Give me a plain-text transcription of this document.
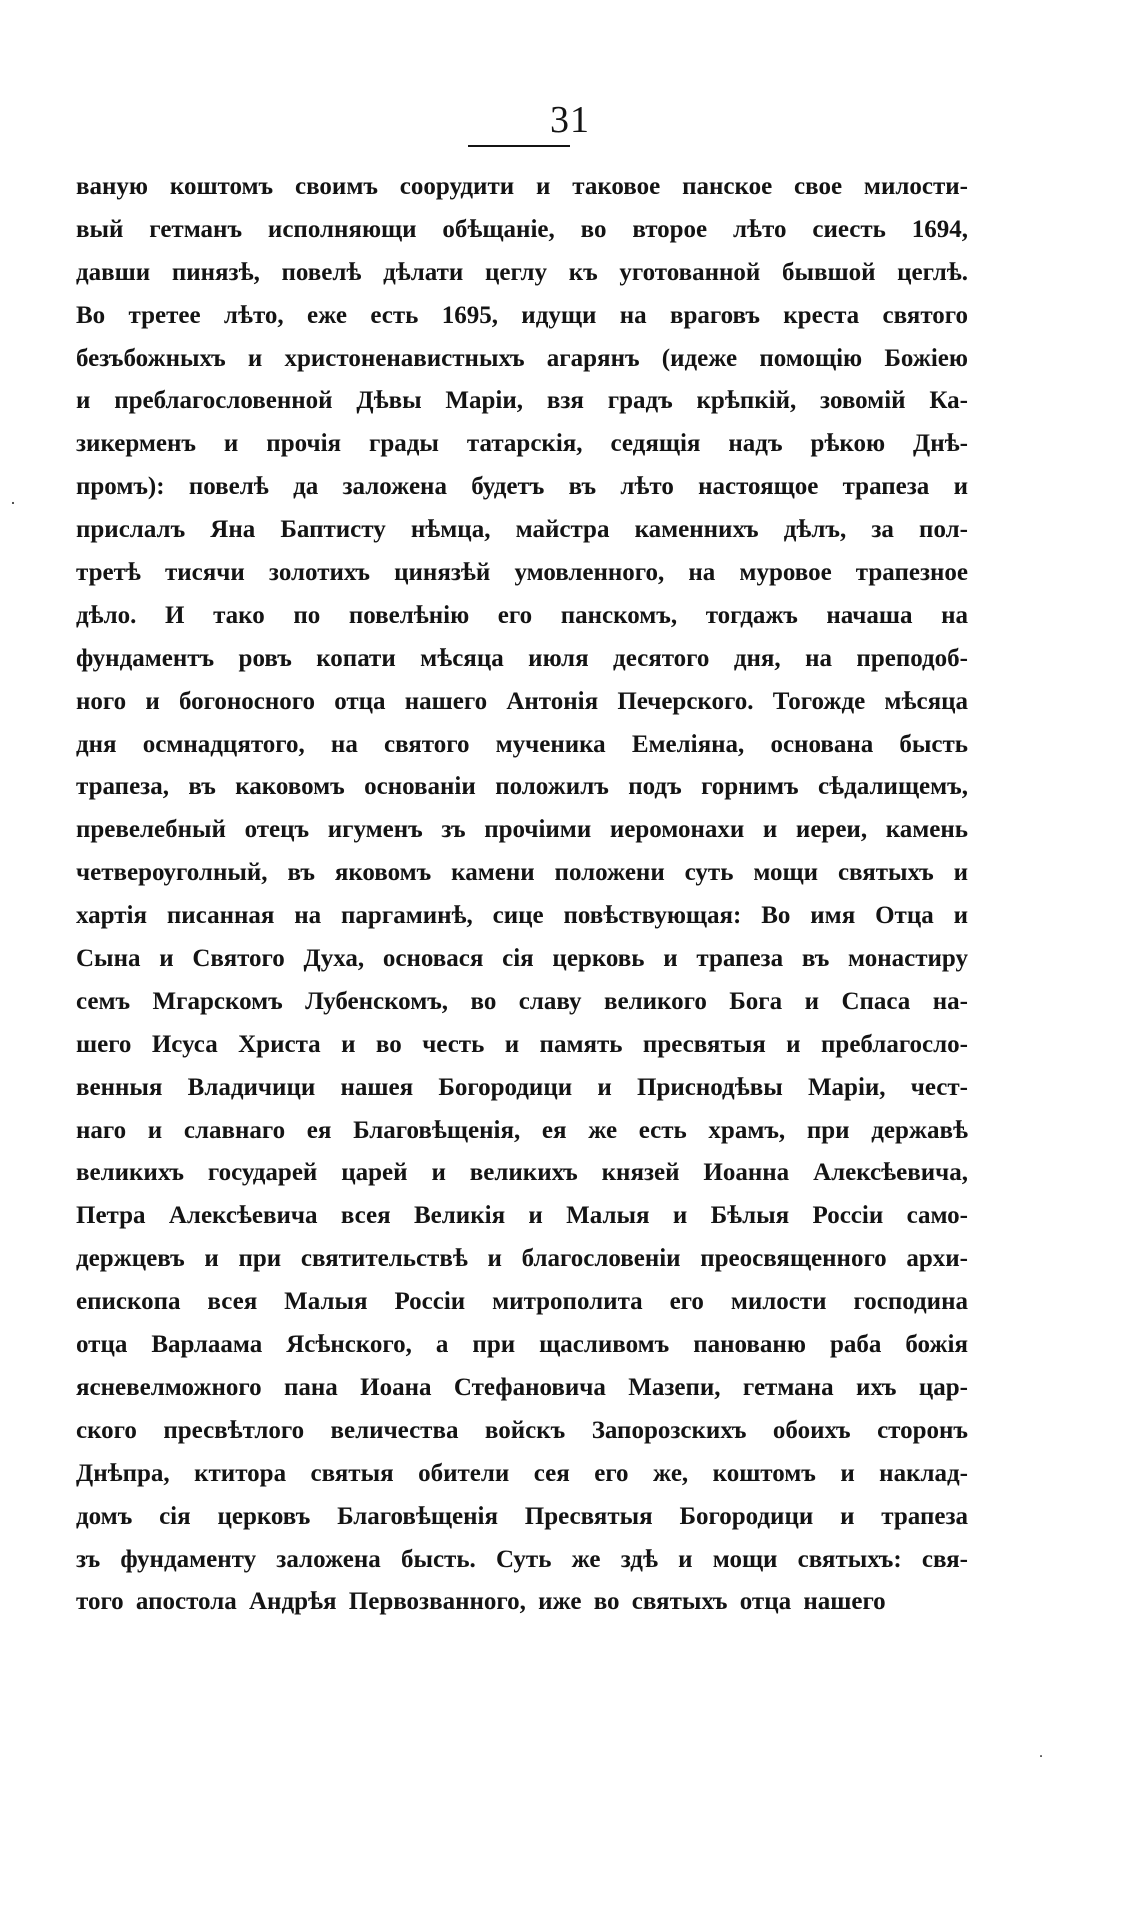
31
ваную коштомъ своимъ соорудити и таковое панское свое милости-
вый гетманъ исполняющи обѣщаніе, во второе лѣто сиесть 1694,
давши пинязѣ, повелѣ дѣлати цеглу къ уготованной бывшой цеглѣ.
Во третее лѣто, еже есть 1695, идущи на враговъ креста святого
безъбожныхъ и христоненавистныхъ агарянъ (идеже помощію Божіею
и преблагословенной Дѣвы Маріи, взя градъ крѣпкій, зовомій Ка-
зикерменъ и прочія грады татарскія, седящія надъ рѣкою Днѣ-
промъ): повелѣ да заложена будетъ въ лѣто настоящое трапеза и
прислалъ Яна Баптисту нѣмца, майстра каменнихъ дѣлъ, за пол-
третѣ тисячи золотихъ цинязѣй умовленного, на муровое трапезное
дѣло. И тако по повелѣнію его панскомъ, тогдажъ начаша на
фундаментъ ровъ копати мѣсяца июля десятого дня, на преподоб-
ного и богоносного отца нашего Антонія Печерского. Тогожде мѣсяца
дня осмнадцятого, на святого мученика Емеліяна, основана бысть
трапеза, въ каковомъ основаніи положилъ подъ горнимъ сѣдалищемъ,
превелебный отецъ игуменъ зъ прочіими иеромонахи и иереи, камень
четвероуголный, въ яковомъ камени положени суть мощи святыхъ и
хартія писанная на паргаминѣ, сице повѣствующая: Во имя Отца и
Сына и Святого Духа, основася сія церковь и трапеза въ монастиру
семъ Мгарскомъ Лубенскомъ, во славу великого Бога и Спаса на-
шего Исуса Христа и во честь и память пресвятыя и преблагосло-
венныя Владичици нашея Богородици и Приснодѣвы Маріи, чест-
наго и славнаго ея Благовѣщенія, ея же есть храмъ, при державѣ
великихъ государей царей и великихъ князей Иоанна Алексѣевича,
Петра Алексѣевича всея Великія и Малыя и Бѣлыя Россіи само-
держцевъ и при святительствѣ и благословеніи преосвященного архи-
епископа всея Малыя Россіи митрополита его милости господина
отца Варлаама Ясѣнского, а при щасливомъ панованю раба божія
ясневелможного пана Иоана Стефановича Мазепи, гетмана ихъ цар-
ского пресвѣтлого величества войскъ Запорозскихъ обоихъ сторонъ
Днѣпра, ктитора святыя обители сея его же, коштомъ и наклад-
домъ сія церковъ Благовѣщенія Пресвятыя Богородици и трапеза
зъ фундаменту заложена бысть. Суть же здѣ и мощи святыхъ: свя-
того апостола Андрѣя Первозванного, иже во святыхъ отца нашего
·
˙
